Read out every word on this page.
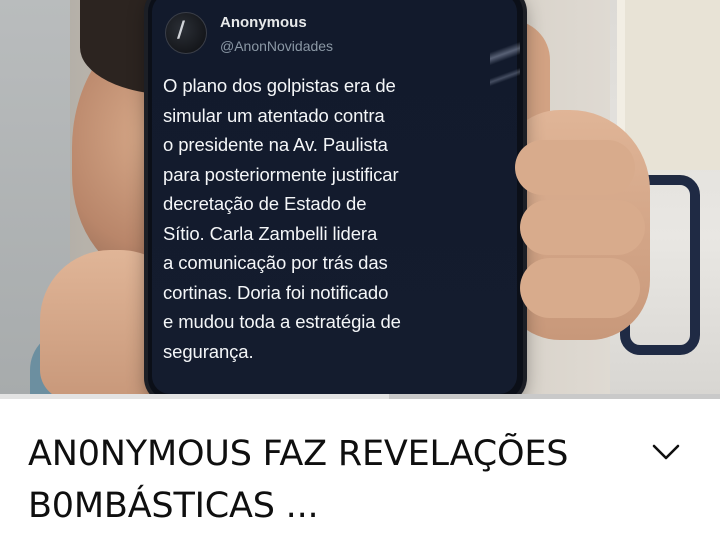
/ Anonymous
@AnonNovidades
O plano dos golpistas era de
simular um atentado contra
o presidente na Av. Paulista
para posteriormente justificar
decretação de Estado de
Sítio. Carla Zambelli lidera
a comunicação por trás das
cortinas. Doria foi notificado
e mudou toda a estratégia de
segurança.
AN0NYMOUS FAZ REVELAÇÕES B0MBÁSTICAS ...
